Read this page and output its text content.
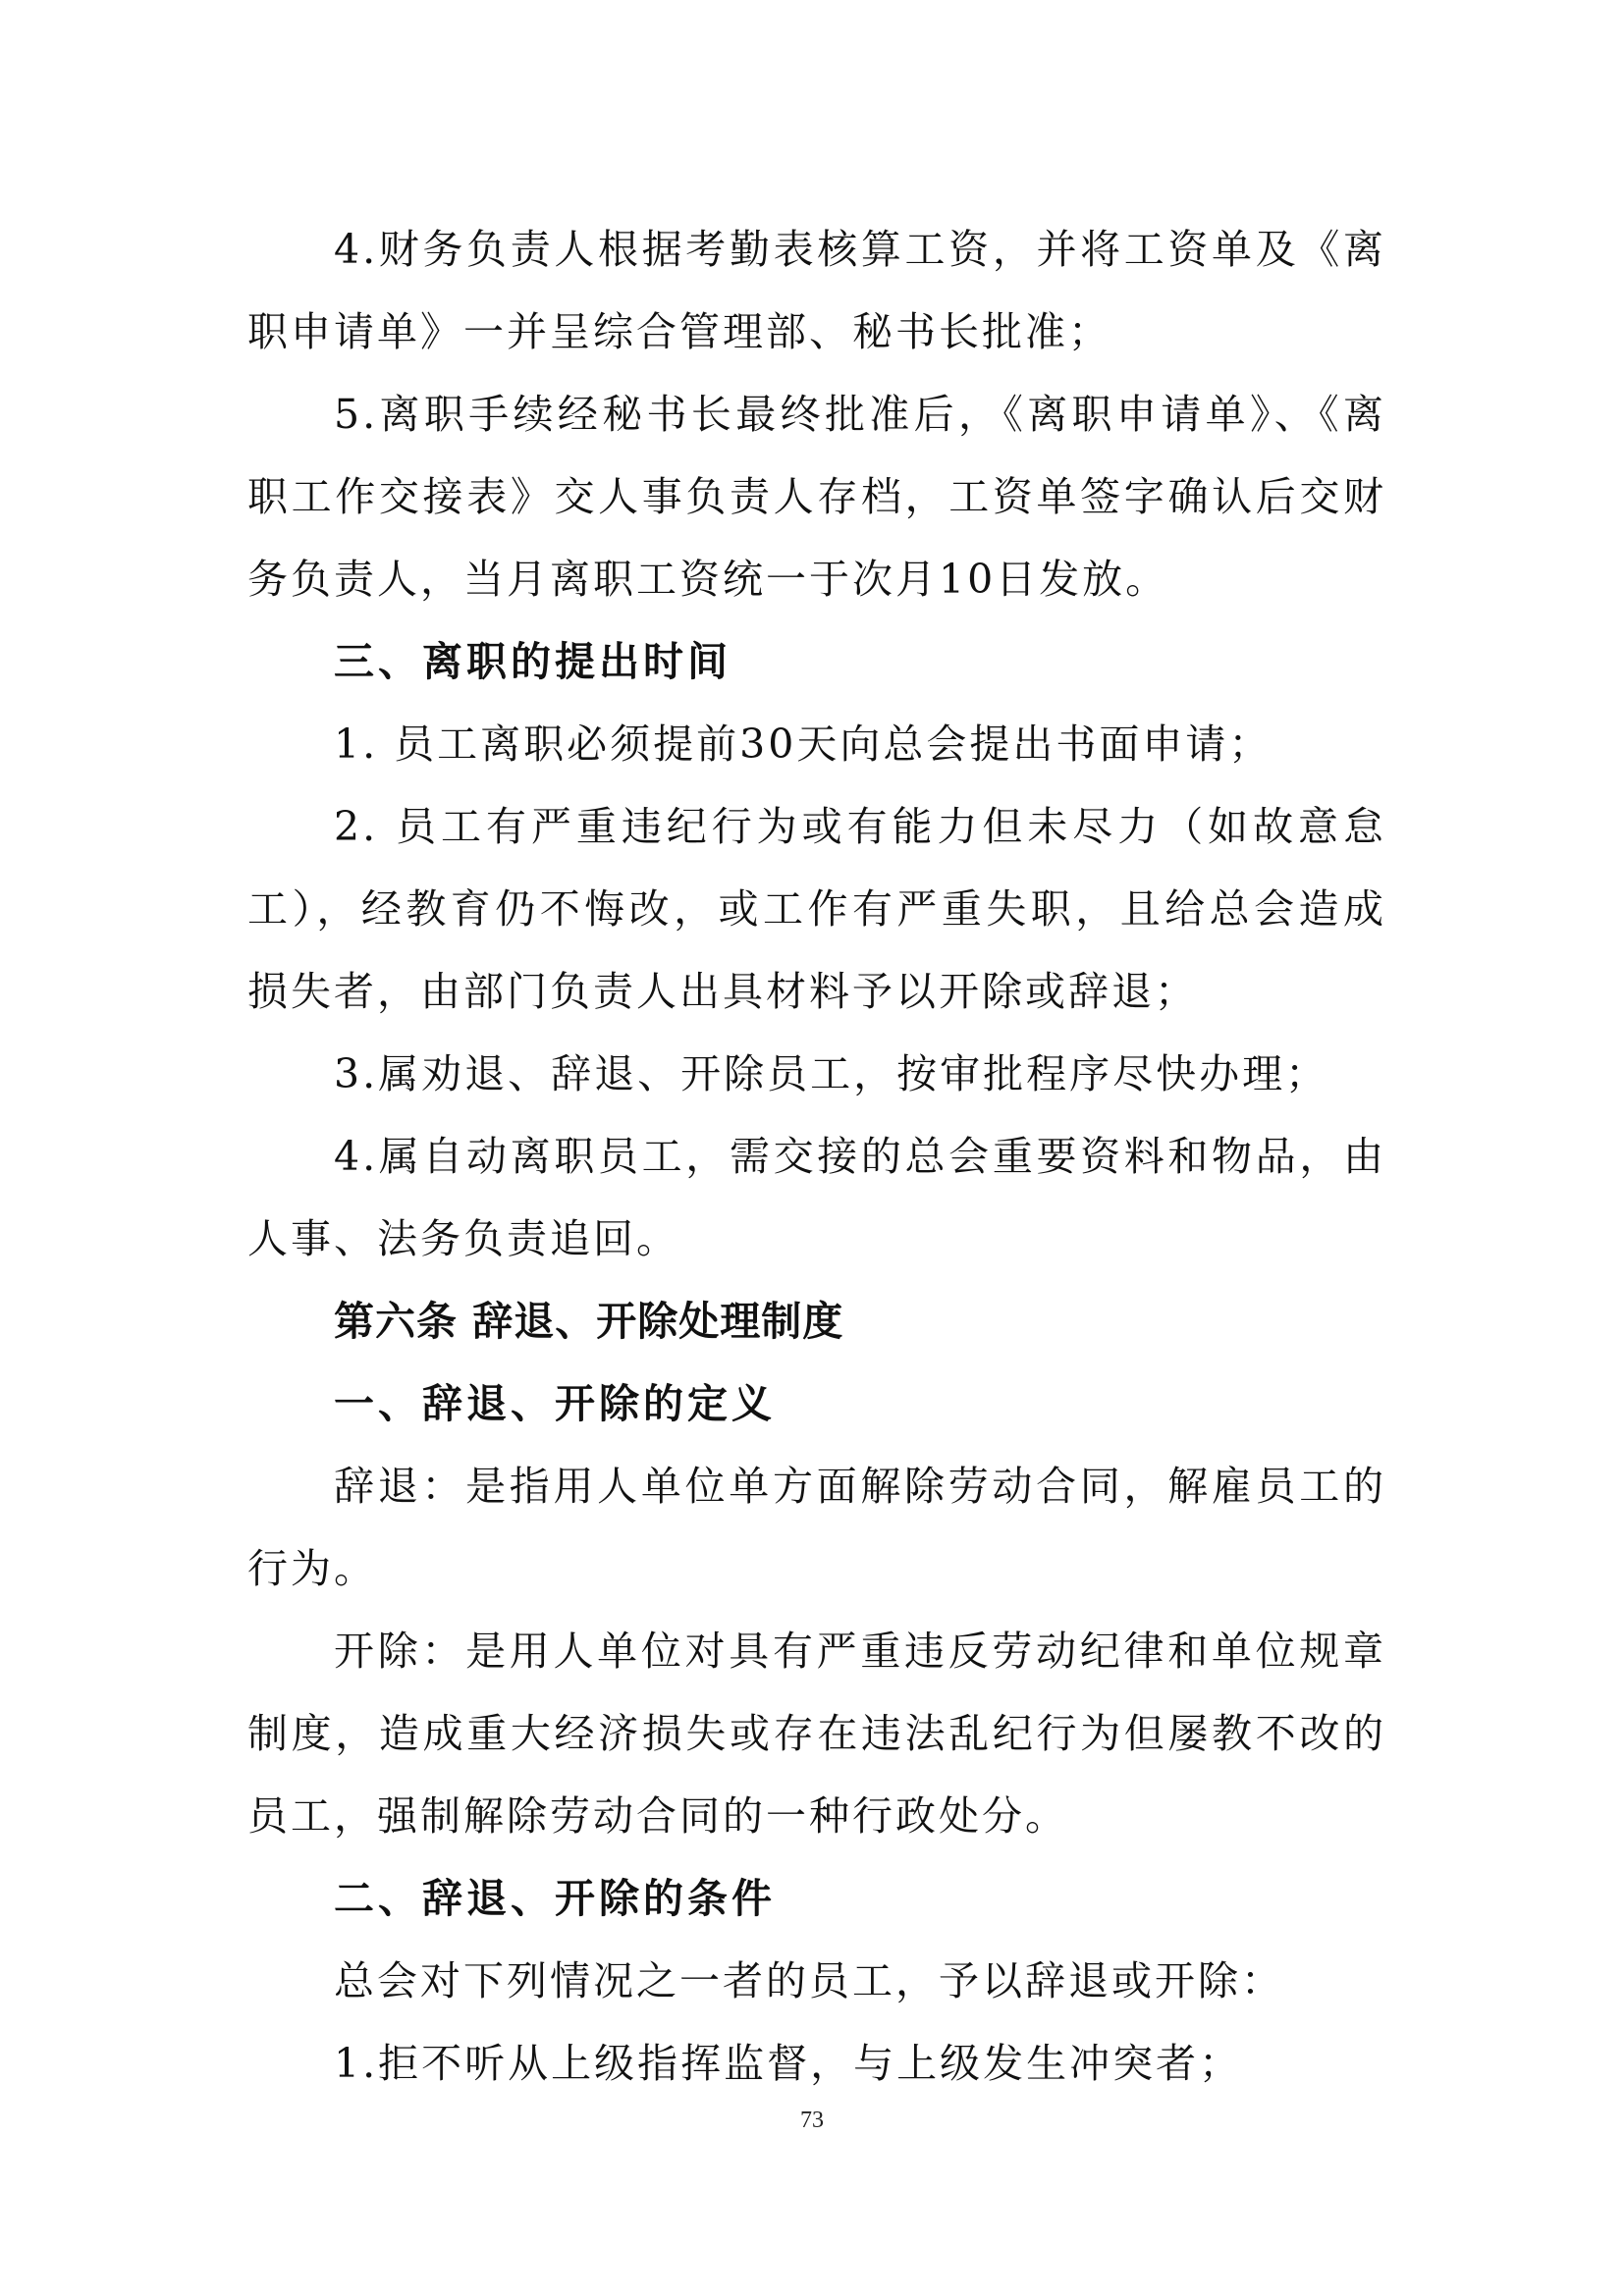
4.财务负责人根据考勤表核算工资，并将工资单及《离职申请单》一并呈综合管理部、秘书长批准；

5.离职手续经秘书长最终批准后，《离职申请单》、《离职工作交接表》交人事负责人存档，工资单签字确认后交财务负责人，当月离职工资统一于次月10日发放。

三、离职的提出时间

1. 员工离职必须提前30天向总会提出书面申请；

2. 员工有严重违纪行为或有能力但未尽力（如故意怠工），经教育仍不悔改，或工作有严重失职，且给总会造成损失者，由部门负责人出具材料予以开除或辞退；

3.属劝退、辞退、开除员工，按审批程序尽快办理；

4.属自动离职员工，需交接的总会重要资料和物品，由人事、法务负责追回。

第六条 辞退、开除处理制度

一、辞退、开除的定义

辞退：是指用人单位单方面解除劳动合同，解雇员工的行为。

开除：是用人单位对具有严重违反劳动纪律和单位规章制度，造成重大经济损失或存在违法乱纪行为但屡教不改的员工，强制解除劳动合同的一种行政处分。

二、辞退、开除的条件

总会对下列情况之一者的员工，予以辞退或开除：

1.拒不听从上级指挥监督，与上级发生冲突者；

73
